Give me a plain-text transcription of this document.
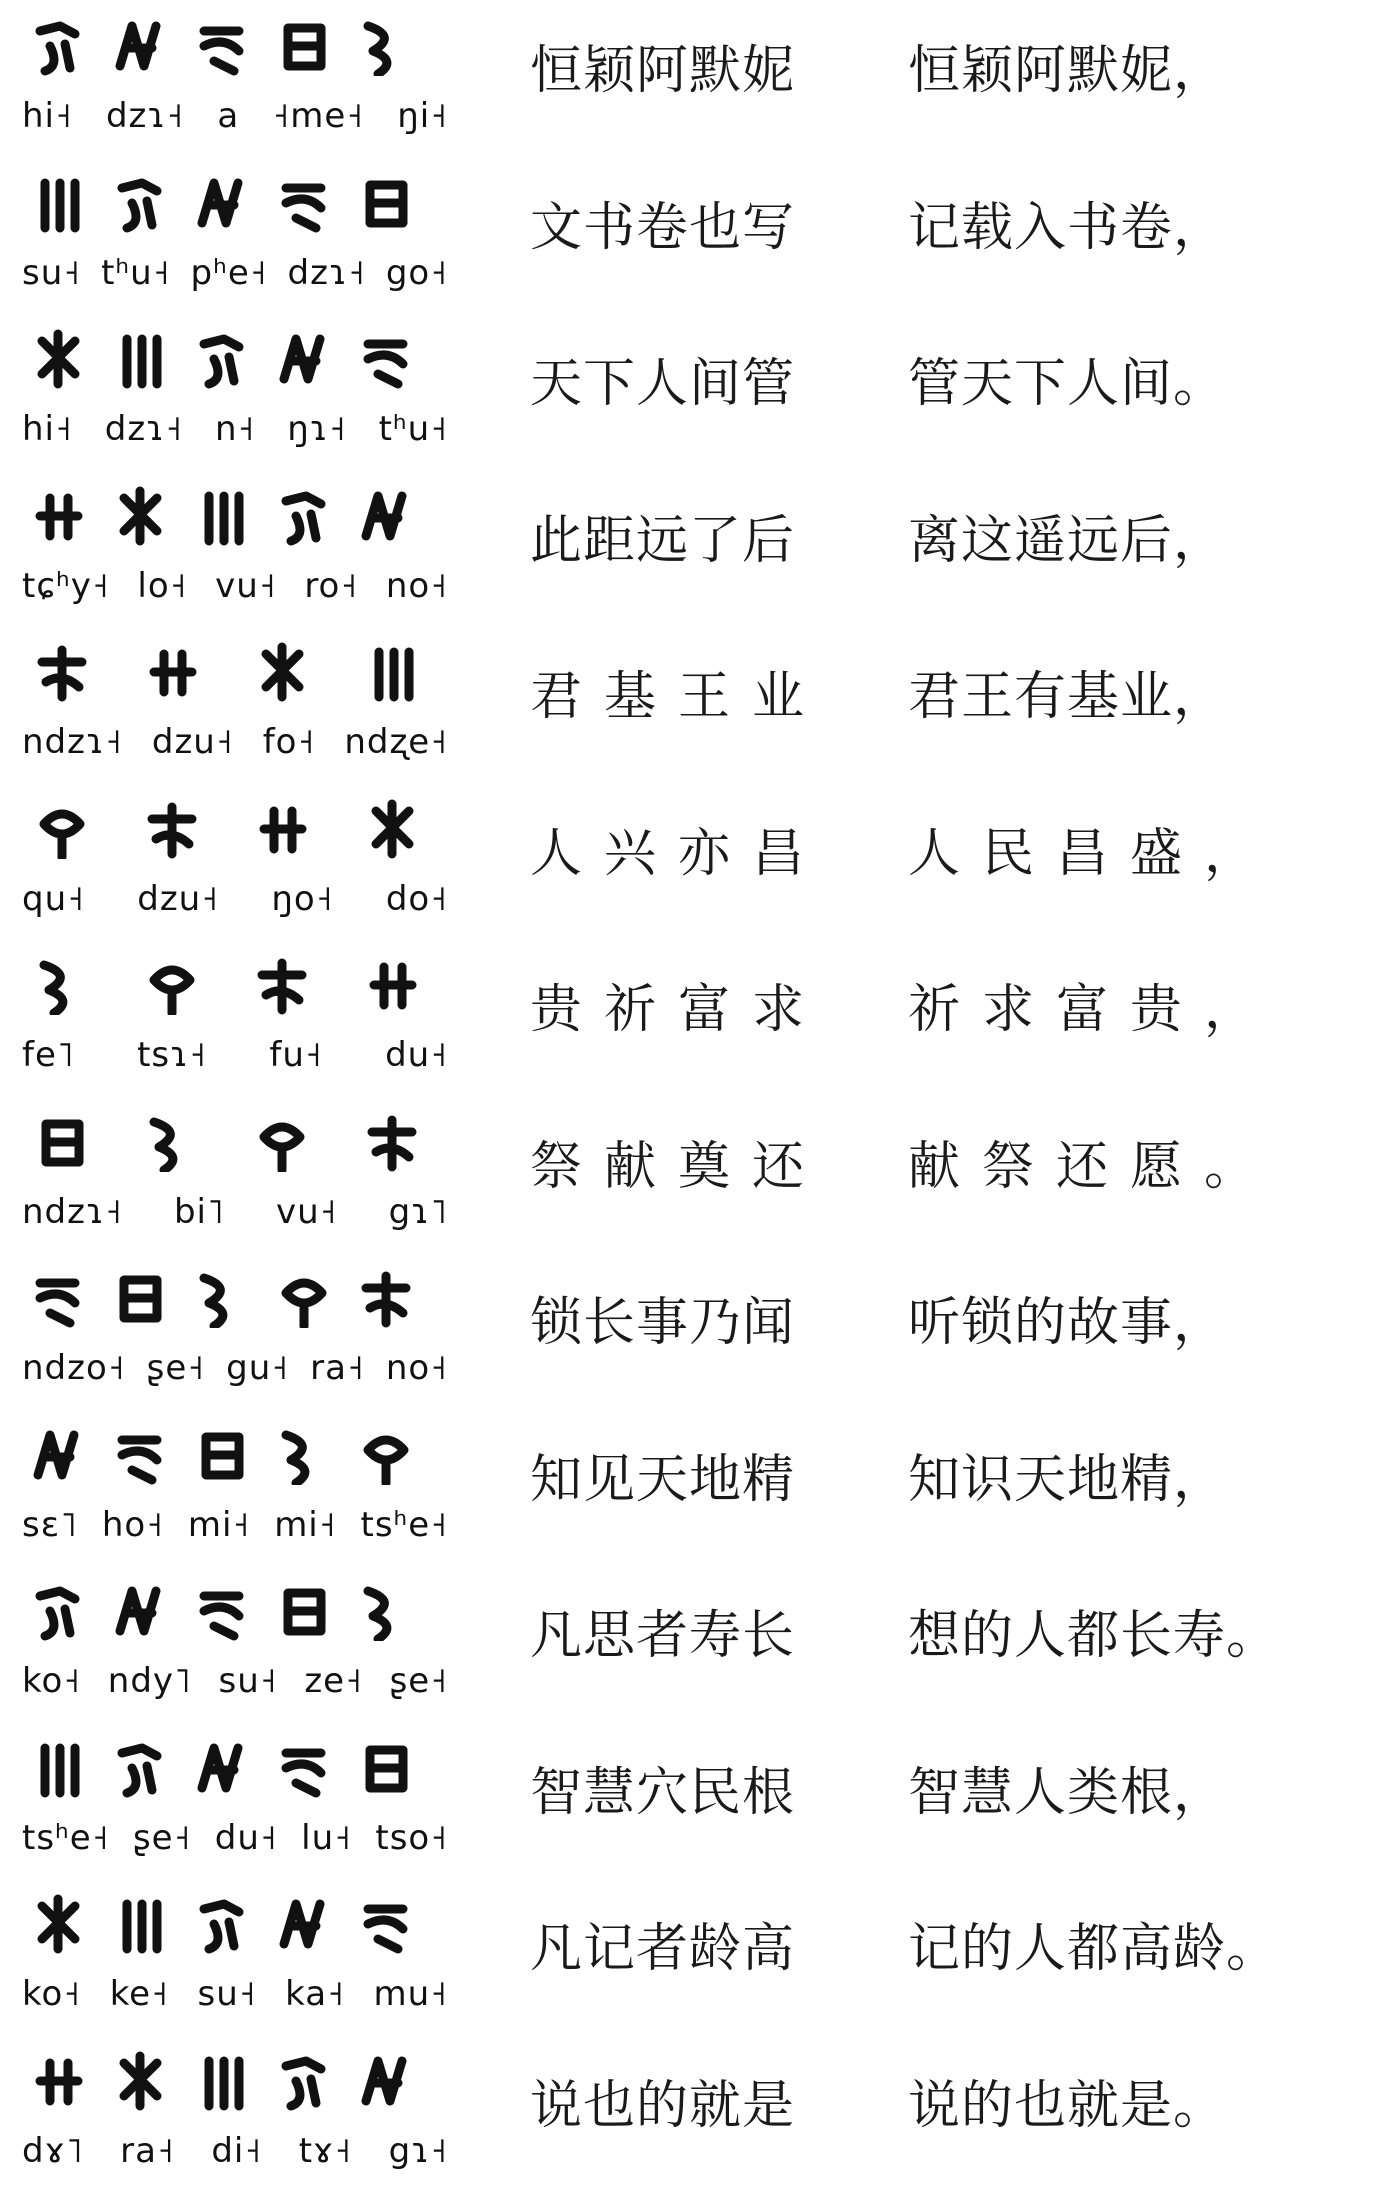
hi˧ dzɿ˧ a ˧me˧ ŋi˧
恒颖阿默妮 恒颖阿默妮，
su˧ tʰu˧ pʰe˧ dzɿ˧ go˧
文书卷也写 记载入书卷，
hi˧ dzɿ˧ n˧ ŋɿ˧ tʰu˧
天下人间管 管天下人间。
tɕʰy˧ lo˧ vu˧ ro˧ no˧
此距远了后 离这遥远后，
ndzɿ˧ dzu˧ fo˧ ndʐe˧
君基王业 君王有基业，
qu˧ dzu˧ ŋo˧ do˧
人兴亦昌 人民昌盛，
fe˥ tsɿ˧ fu˧ du˧
贵祈富求 祈求富贵，
ndzɿ˧ bi˥ vu˧ gɿ˥
祭献奠还 献祭还愿。
ndzo˧ ʂe˧ gu˧ ra˧ no˧
锁长事乃闻 听锁的故事，
sɛ˥ ho˧ mi˧ mi˧ tsʰe˧
知见天地精 知识天地精，
ko˧ ndy˥ su˧ ze˧ ʂe˧
凡思者寿长 想的人都长寿。
tsʰe˧ ʂe˧ du˧ lu˧ tso˧
智慧穴民根 智慧人类根，
ko˧ ke˧ su˧ ka˧ mu˧
凡记者龄高 记的人都高龄。
dɤ˥ ra˧ di˧ tɤ˧ gɿ˧
说也的就是 说的也就是。
